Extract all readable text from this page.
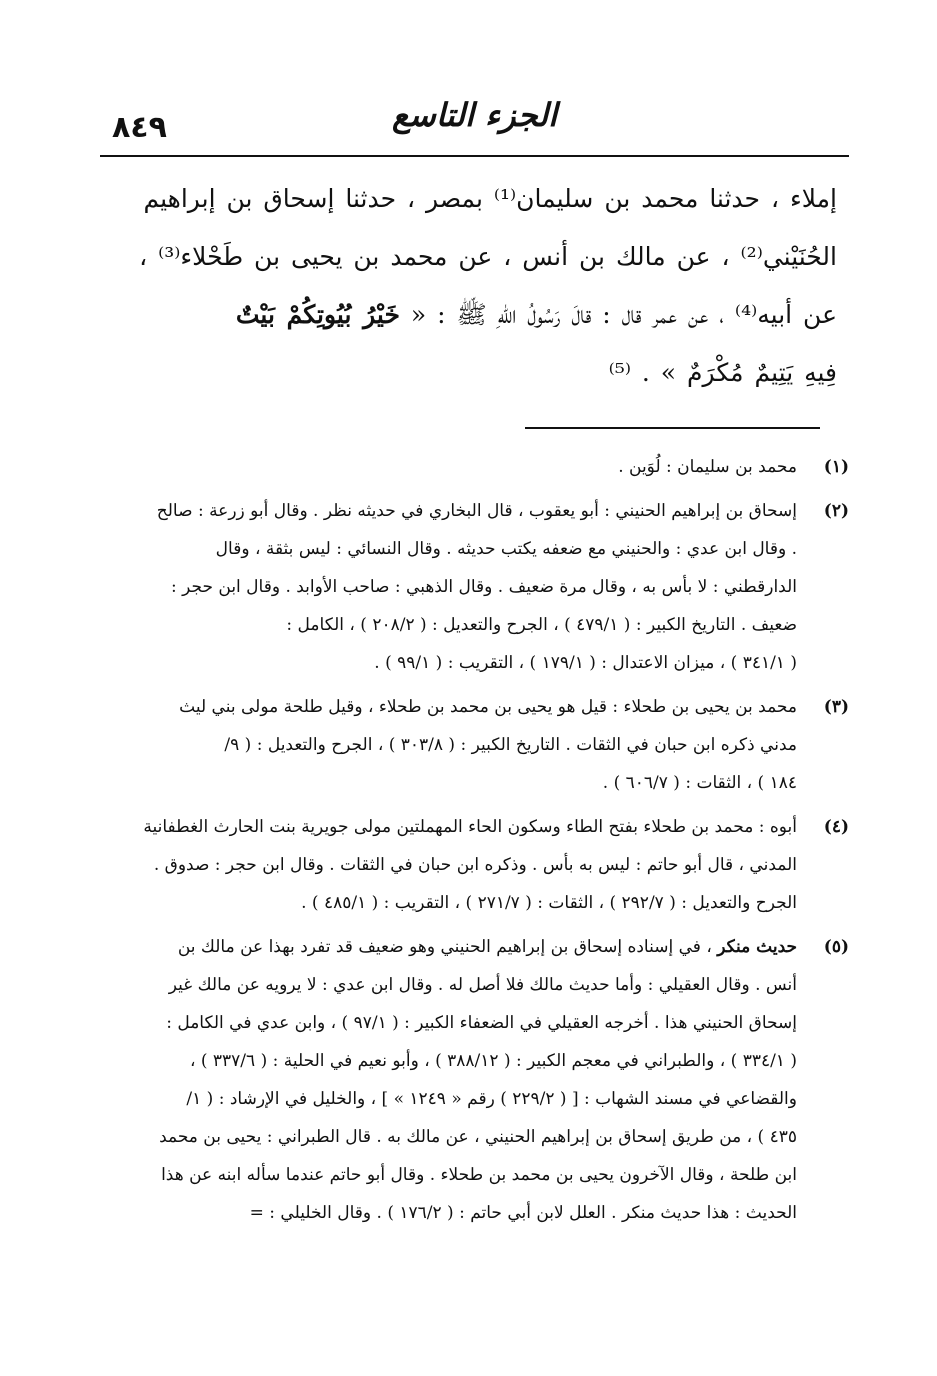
٨٤٩	الجزء التاسع

إملاء ، حدثنا محمد بن سليمان⁽¹⁾ بمصر ، حدثنا إسحاق بن إبراهيم

الحُنَيْني⁽²⁾ ، عن مالك بن أنس ، عن محمد بن يحيى بن طَحْلاء⁽³⁾ ،

عن أبيه⁽⁴⁾ ، عن عمر قال : قالَ رَسُولُ اللهِ ﷺ : « خَيْرُ بُيُوتِكُمْ بَيْتٌ

فِيهِ يَتِيمٌ مُكْرَمٌ » . ⁽⁵⁾

(١)
محمد بن سليمان : لُوَين .
(٢)
إسحاق بن إبراهيم الحنيني : أبو يعقوب ، قال البخاري في حديثه نظر . وقال أبو زرعة : صالح
. وقال ابن عدي : والحنيني مع ضعفه يكتب حديثه . وقال النسائي : ليس بثقة ، وقال
الدارقطني : لا بأس به ، وقال مرة ضعيف . وقال الذهبي : صاحب الأوابد . وقال ابن حجر :
ضعيف . التاريخ الكبير : ( ٤٧٩/١ ) ، الجرح والتعديل : ( ٢٠٨/٢ ) ، الكامل :
( ٣٤١/١ ) ، ميزان الاعتدال : ( ١٧٩/١ ) ، التقريب : ( ٩٩/١ ) .
(٣)
محمد بن يحيى بن طحلاء : قيل هو يحيى بن محمد بن طحلاء ، وقيل طلحة مولى بني ليث
مدني ذكره ابن حبان في الثقات . التاريخ الكبير : ( ٣٠٣/٨ ) ، الجرح والتعديل : ( ٩/
١٨٤ ) ، الثقات : ( ٦٠٦/٧ ) .
(٤)
أبوه : محمد بن طحلاء بفتح الطاء وسكون الحاء المهملتين مولى جويرية بنت الحارث الغطفانية
المدني ، قال أبو حاتم : ليس به بأس . وذكره ابن حبان في الثقات . وقال ابن حجر : صدوق .
الجرح والتعديل : ( ٢٩٢/٧ ) ، الثقات : ( ٢٧١/٧ ) ، التقريب : ( ٤٨٥/١ ) .
(٥)
حديث منكر ، في إسناده إسحاق بن إبراهيم الحنيني وهو ضعيف قد تفرد بهذا عن مالك بن
أنس . وقال العقيلي : وأما حديث مالك فلا أصل له . وقال ابن عدي : لا يرويه عن مالك غير
إسحاق الحنيني هذا . أخرجه العقيلي في الضعفاء الكبير : ( ٩٧/١ ) ، وابن عدي في الكامل :
( ٣٣٤/١ ) ، والطبراني في معجم الكبير : ( ٣٨٨/١٢ ) ، وأبو نعيم في الحلية : ( ٣٣٧/٦ ) ،
والقضاعي في مسند الشهاب : [ ( ٢٢٩/٢ ) رقم « ١٢٤٩ » ] ، والخليل في الإرشاد : ( ١/
٤٣٥ ) ، من طريق إسحاق بن إبراهيم الحنيني ، عن مالك به . قال الطبراني : يحيى بن محمد
ابن طلحة ، وقال الآخرون يحيى بن محمد بن طحلاء . وقال أبو حاتم عندما سأله ابنه عن هذا
الحديث : هذا حديث منكر . العلل لابن أبي حاتم : ( ١٧٦/٢ ) . وقال الخليلي : =
